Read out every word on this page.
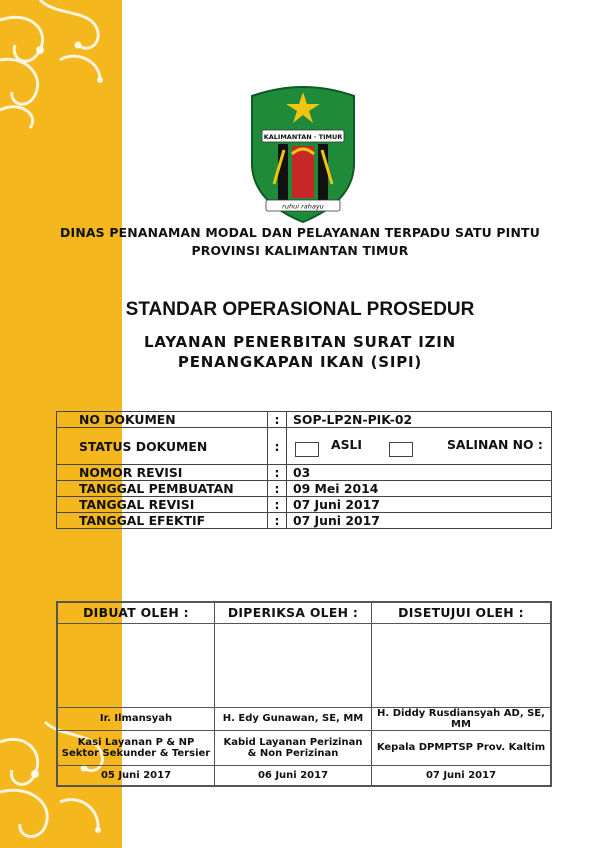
KALIMANTAN · TIMUR
ruhui rahayu
DINAS PENANAMAN MODAL DAN PELAYANAN TERPADU SATU PINTU
PROVINSI KALIMANTAN TIMUR
STANDAR OPERASIONAL PROSEDUR
LAYANAN PENERBITAN SURAT IZIN
PENANGKAPAN IKAN (SIPI)
NO DOKUMEN	:	SOP-LP2N-PIK-02
STATUS DOKUMEN	:	ASLI SALINAN NO :

NOMOR REVISI	:	03
TANGGAL PEMBUATAN	:	09 Mei 2014
TANGGAL REVISI	:	07 Juni 2017
TANGGAL EFEKTIF	:	07 Juni 2017
DIBUAT OLEH :	DIPERIKSA OLEH :	DISETUJUI OLEH :

Ir. Ilmansyah	H. Edy Gunawan, SE, MM	H. Diddy Rusdiansyah AD, SE, MM
Kasi Layanan P & NP Sektor Sekunder & Tersier	Kabid Layanan Perizinan & Non Perizinan	Kepala DPMPTSP Prov. Kaltim
05 Juni 2017	06 Juni 2017	07 Juni 2017
